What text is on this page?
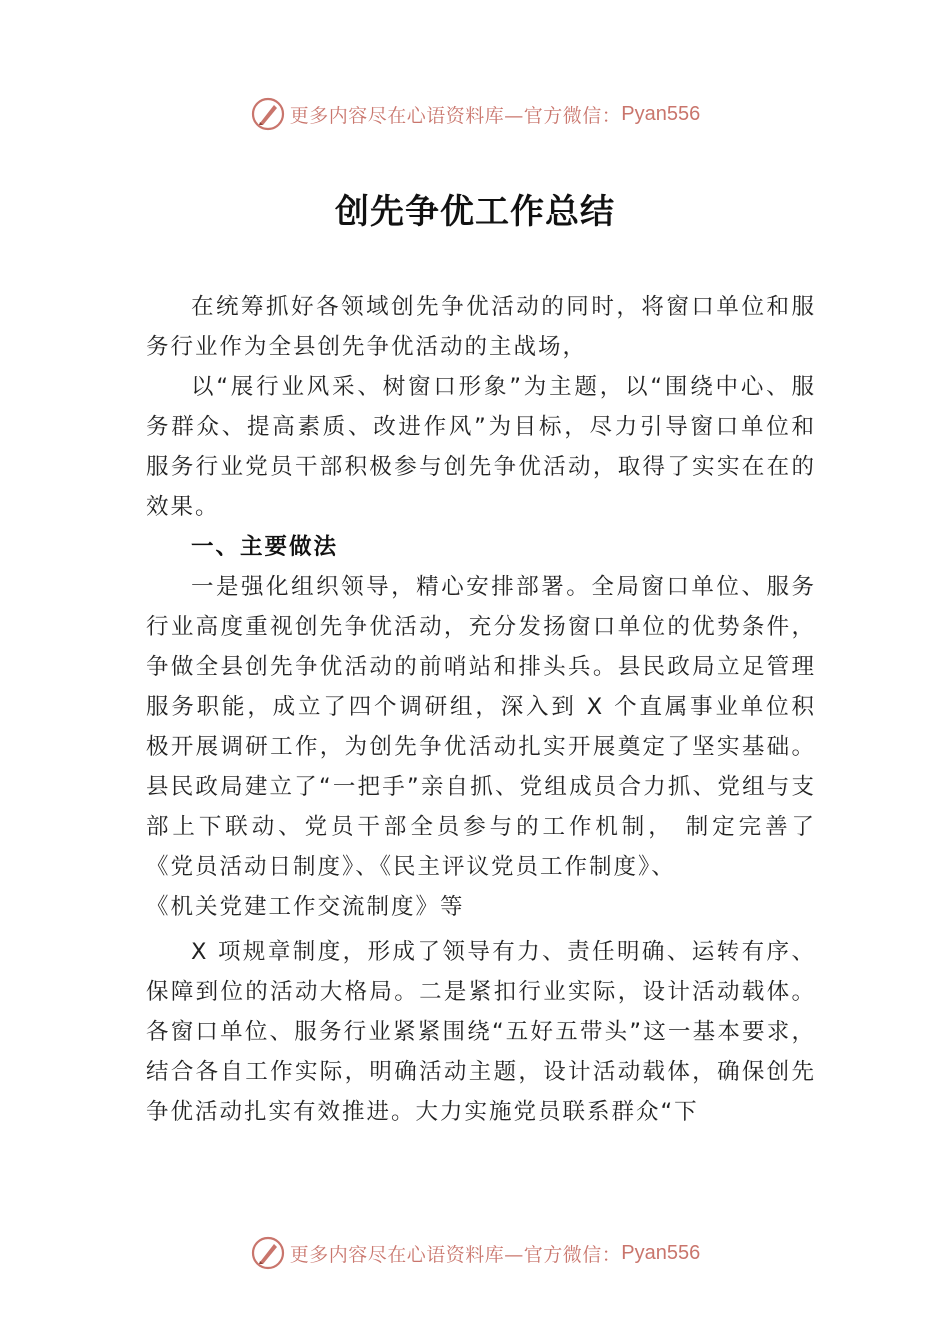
更多内容尽在心语资料库—官方微信： Pyan556
创先争优工作总结

在统筹抓好各领域创先争优活动的同时，将窗口单位和服务行业作为全县创先争优活动的主战场，

以“展行业风采、树窗口形象”为主题，以“围绕中心、服务群众、提高素质、改进作风”为目标，尽力引导窗口单位和服务行业党员干部积极参与创先争优活动，取得了实实在在的效果。

一、主要做法

一是强化组织领导，精心安排部署。全局窗口单位、服务行业高度重视创先争优活动，充分发扬窗口单位的优势条件，争做全县创先争优活动的前哨站和排头兵。县民政局立足管理服务职能，成立了四个调研组，深入到 X 个直属事业单位积极开展调研工作，为创先争优活动扎实开展奠定了坚实基础。县民政局建立了“一把手”亲自抓、党组成员合力抓、党组与支部上下联动、党员干部全员参与的工作机制， 制定完善了《党员活动日制度》、《民主评议党员工作制度》、

《机关党建工作交流制度》等

X 项规章制度，形成了领导有力、责任明确、运转有序、保障到位的活动大格局。二是紧扣行业实际，设计活动载体。各窗口单位、服务行业紧紧围绕“五好五带头”这一基本要求，结合各自工作实际，明确活动主题，设计活动载体，确保创先争优活动扎实有效推进。大力实施党员联系群众“下

更多内容尽在心语资料库—官方微信： Pyan556
